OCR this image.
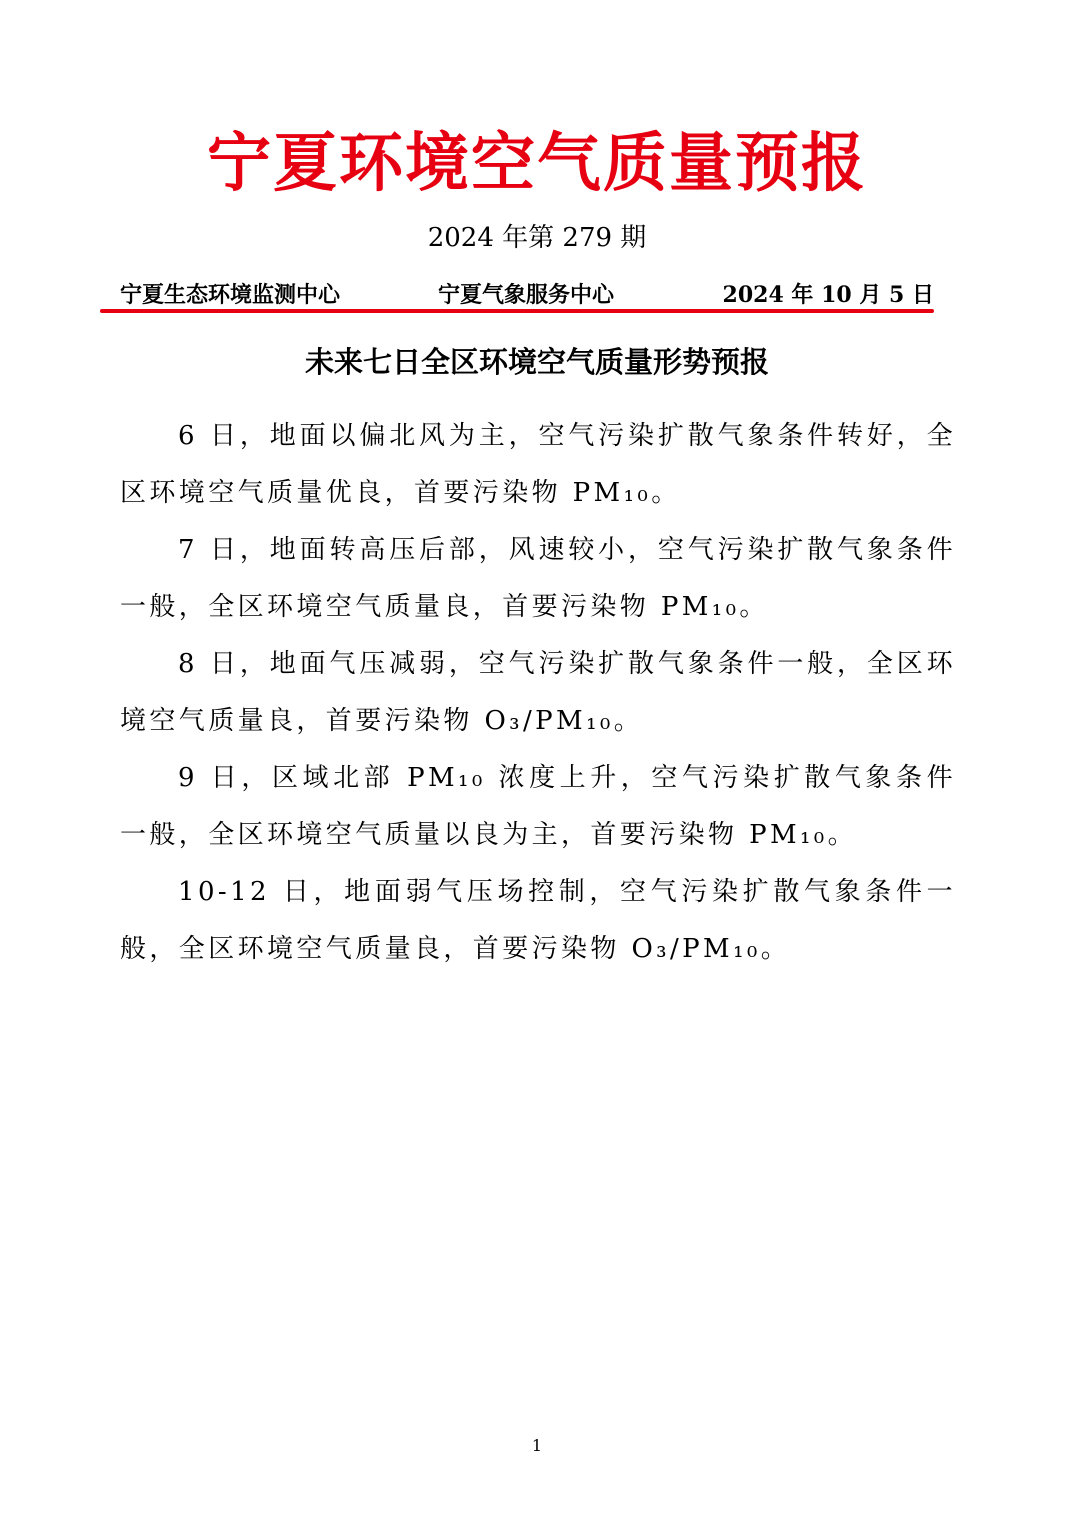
宁夏环境空气质量预报
2024 年第 279 期
宁夏生态环境监测中心	宁夏气象服务中心	2024 年 10 月 5 日
未来七日全区环境空气质量形势预报

6 日，地面以偏北风为主，空气污染扩散气象条件转好，全区环境空气质量优良，首要污染物 PM₁₀。

7 日，地面转高压后部，风速较小，空气污染扩散气象条件一般，全区环境空气质量良，首要污染物 PM₁₀。

8 日，地面气压减弱，空气污染扩散气象条件一般，全区环境空气质量良，首要污染物 O₃/PM₁₀。

9 日，区域北部 PM₁₀ 浓度上升，空气污染扩散气象条件一般，全区环境空气质量以良为主，首要污染物 PM₁₀。

10-12 日，地面弱气压场控制，空气污染扩散气象条件一般，全区环境空气质量良，首要污染物 O₃/PM₁₀。

1
